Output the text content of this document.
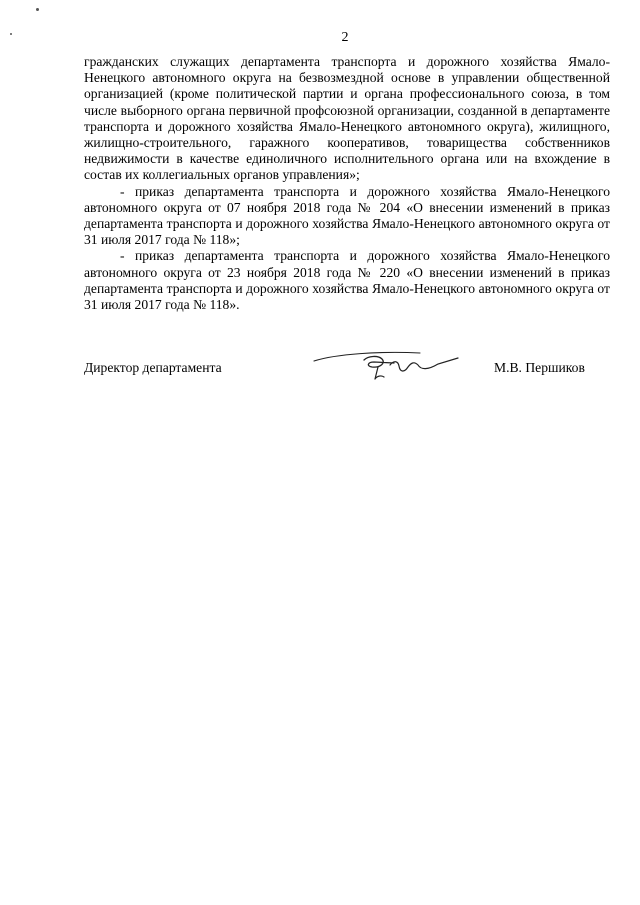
2

гражданских служащих департамента транспорта и дорожного хозяйства Ямало-Ненецкого автономного округа на безвозмездной основе в управлении общественной организацией (кроме политической партии и органа профессионального союза, в том числе выборного органа первичной профсоюзной организации, созданной в департаменте транспорта и дорожного хозяйства Ямало-Ненецкого автономного округа), жилищного, жилищно-строительного, гаражного кооперативов, товарищества собственников недвижимости в качестве единоличного исполнительного органа или на вхождение в состав их коллегиальных органов управления»;

- приказ департамента транспорта и дорожного хозяйства Ямало-Ненецкого автономного округа от 07 ноября 2018 года № 204 «О внесении изменений в приказ департамента транспорта и дорожного хозяйства Ямало-Ненецкого автономного округа от 31 июля 2017 года № 118»;

- приказ департамента транспорта и дорожного хозяйства Ямало-Ненецкого автономного округа от 23 ноября 2018 года № 220 «О внесении изменений в приказ департамента транспорта и дорожного хозяйства Ямало-Ненецкого автономного округа от 31 июля 2017 года № 118».

Директор департамента	М.В. Першиков
